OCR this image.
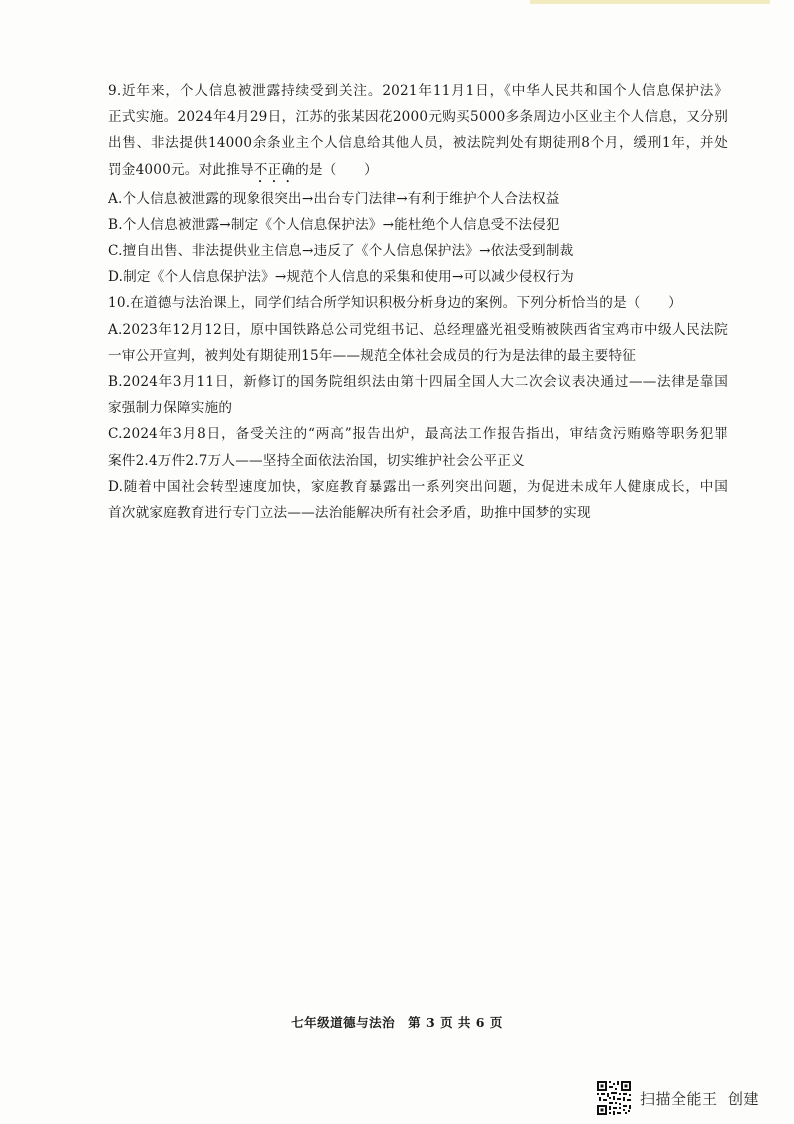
9.近年来，个人信息被泄露持续受到关注。2021年11月1日，《中华人民共和国个人信息保护法》
正式实施。2024年4月29日，江苏的张某因花2000元购买5000多条周边小区业主个人信息，又分别
出售、非法提供14000余条业主个人信息给其他人员，被法院判处有期徒刑8个月，缓刑1年，并处
罚金4000元。对此推导不正确的是（　　）
A.个人信息被泄露的现象很突出→出台专门法律→有利于维护个人合法权益
B.个人信息被泄露→制定《个人信息保护法》→能杜绝个人信息受不法侵犯
C.擅自出售、非法提供业主信息→违反了《个人信息保护法》→依法受到制裁
D.制定《个人信息保护法》→规范个人信息的采集和使用→可以减少侵权行为
10.在道德与法治课上，同学们结合所学知识积极分析身边的案例。下列分析恰当的是（　　）
A.2023年12月12日，原中国铁路总公司党组书记、总经理盛光祖受贿被陕西省宝鸡市中级人民法院
一审公开宣判，被判处有期徒刑15年——规范全体社会成员的行为是法律的最主要特征
B.2024年3月11日，新修订的国务院组织法由第十四届全国人大二次会议表决通过——法律是靠国
家强制力保障实施的
C.2024年3月8日，备受关注的“两高”报告出炉，最高法工作报告指出，审结贪污贿赂等职务犯罪
案件2.4万件2.7万人——坚持全面依法治国，切实维护社会公平正义
D.随着中国社会转型速度加快，家庭教育暴露出一系列突出问题，为促进未成年人健康成长，中国
首次就家庭教育进行专门立法——法治能解决所有社会矛盾，助推中国梦的实现
七年级道德与法治　第 3 页 共 6 页
扫描全能王  创建
